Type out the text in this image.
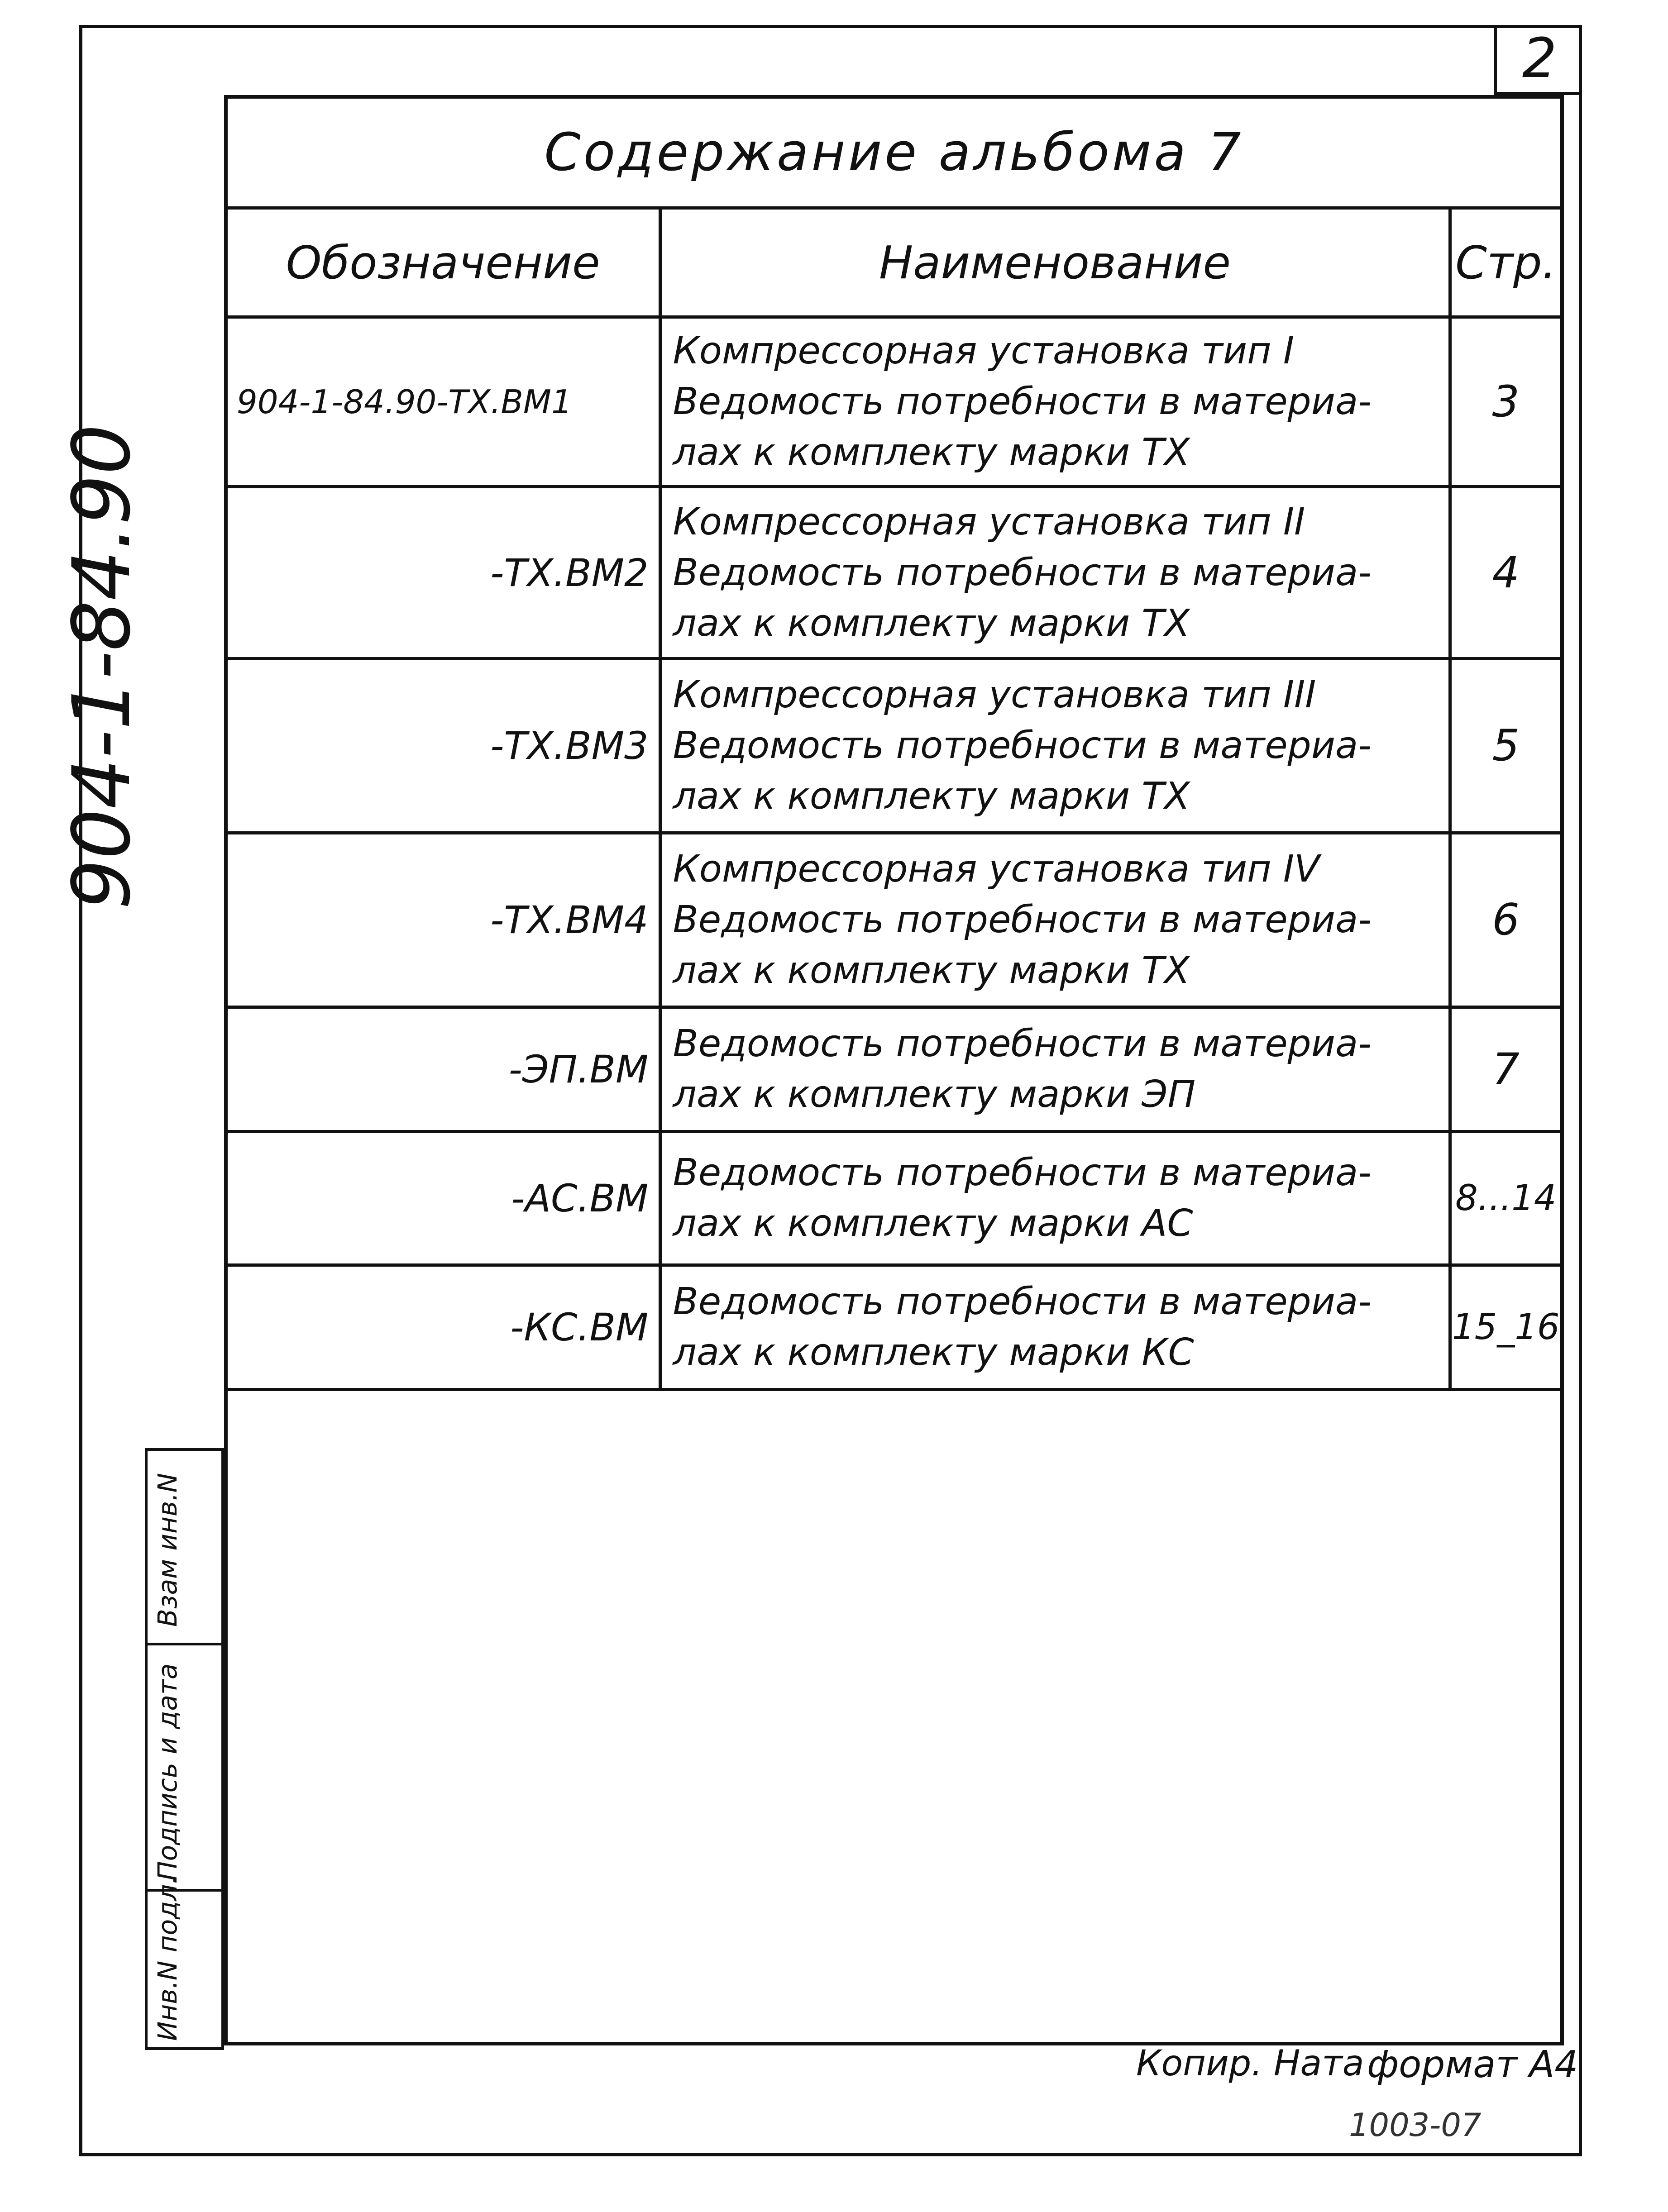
2
904-1-84.90
Взам инв.N
Подпись и дата
Инв.N подл.
Содержание альбома 7
Обозначение	Наименование	Стр.
904-1-84.90-ТХ.ВМ1	Компрессорная установка тип I
Ведомость потребности в материа-
лах к комплекту марки ТХ	3
-ТХ.ВМ2	Компрессорная установка тип II
Ведомость потребности в материа-
лах к комплекту марки ТХ	4
-ТХ.ВМ3	Компрессорная установка тип III
Ведомость потребности в материа-
лах к комплекту марки ТХ	5
-ТХ.ВМ4	Компрессорная установка тип IV
Ведомость потребности в материа-
лах к комплекту марки ТХ	6
-ЭП.ВМ	Ведомость потребности в материа-
лах к комплекту марки ЭП	7
-АС.ВМ	Ведомость потребности в материа-
лах к комплекту марки АС	8...14
-КС.ВМ	Ведомость потребности в материа-
лах к комплекту марки КС	15_16
Копир. Ната формат А4
1003-07
